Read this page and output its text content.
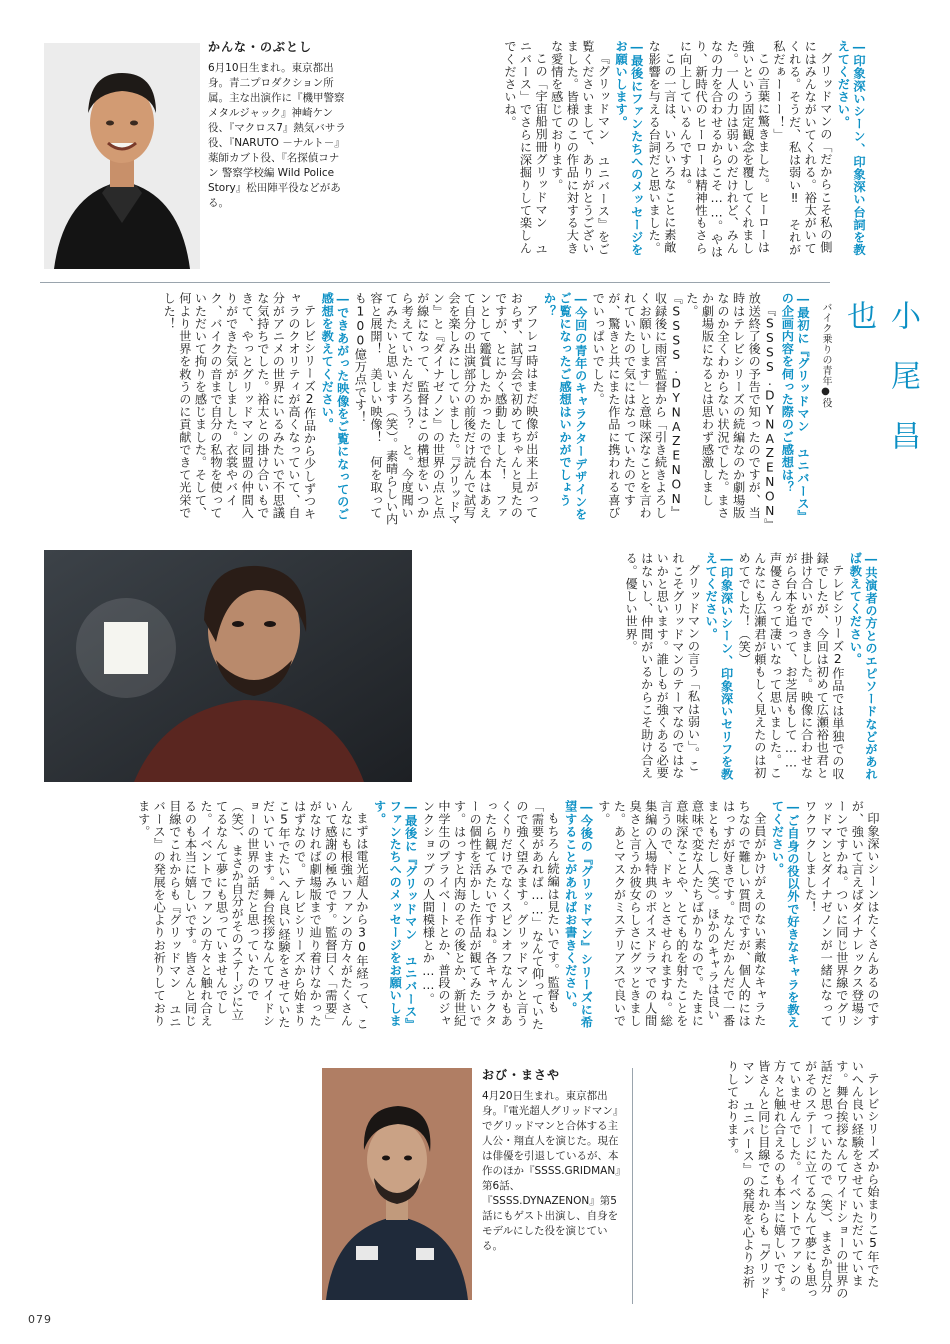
―印象深いシーン、印象深い台詞を教えてください。

グリッドマンの「だからこそ私の側にはみんながいてくれる。裕太がいてくれる。そうだ、私は弱い‼　それが私だぁーーー！」

この言葉に驚きました。ヒーローは強いという固定観念を覆してくれました。一人の力は弱いのだけれど、みんなの力を合わせるからこそ……。やはり、新時代のヒーローは精神性もさらに向上しているんですね。

この一言は、いろいろなことに素敵な影響を与える台詞だと思いました。

―最後にファンたちへのメッセージをお願いします。

『グリッドマン ユニバース』をご覧くださいまして、ありがとうございました。皆様のこの作品に対する大きな愛情を感じております。

この「宇宙船別冊グリッドマン ユニバース」でさらに深掘りして楽しんでくださいね。

かんな・のぶとし
6月10日生まれ。東京都出身。青二プロダクション所属。主な出演作に『機甲警察メタルジャック』神崎ケン役、『マクロス7』熱気バサラ役、『NARUTO －ナルト－』薬師カブト役、『名探偵コナン 警察学校編 Wild Police Story』松田陣平役などがある。
小尾昌也
バイク乗りの青年●役

―最初に『グリッドマン ユニバース』の企画内容を伺った際のご感想は？

『SSSS.DYNAZENON』放送終了後の予告で知ったのですが、当時はテレビシリーズの続編なのか劇場版なのか全くわからない状況でした。まさか劇場版になるとは思わず感激しました。『SSSS.DYNAZENON』収録後に雨宮監督から「引き続きよろしくお願いします」と意味深なことを言われていたので気にはなっていたのですが、驚きと共にまた作品に携われる喜びでいっぱいでした。

―今回の青年のキャラクターデザインをご覧になったご感想はいかがでしょうか？

アフレコ時はまだ映像が出来上がっておらず、試写会で初めてちゃんと見たのですが、とにかく感動しました！　ファンとして鑑賞したかったので台本はあえて自分の出演部分の前後だけ読んで試写会を楽しみにしていました。『グリッドマン』と『ダイナゼノン』の世界の点と点が線になって、監督はこの構想をいつから考えていたんだろう？　と。今度聞いてみたいと思います（笑）。素晴らしい内容と展開！　美しい映像！　何を取っても100億万点です！

―できあがった映像をご覧になってのご感想を教えてください。

テレビシリーズ2作品から少しずつキャラのクオリティが高くなっていて、自分がアニメの世界にいるみたいで不思議な気持ちでした。裕太との掛け合いもできて、やっとグリッドマン同盟の仲間入りができた気がしました。衣裳やバイク、バイクの音まで自分の私物を使っていただいて拘りを感じました。そして、何より世界を救うのに貢献できて光栄でした！

―共演者の方とのエピソードなどがあれば教えてください。

テレビシリーズ2作品では単独での収録でしたが、今回は初めて広瀬裕也君と掛け合いができました。映像に合わせながら台本を追って、お芝居もして……声優さんって凄いなって思いました。こんなにも広瀬君が頼もしく見えたのは初めてでした！（笑）

―印象深いシーン、印象深いセリフを教えてください。

グリッドマンの言う「私は弱い」。これこそグリッドマンのテーマなのではないかと思います。誰しもが強くある必要はないし、仲間がいるからこそ助け合える。優しい世界。

印象深いシーンはたくさんあるのですが、強いて言えばダイナレックス登場シーンですかね。ついに同じ世界線でグリッドマンとダイナゼノンが一緒になってワクワクしました！

―ご自身の役以外で好きなキャラを教えてください。

全員がかけがえのない素敵なキャラたちなので難しい質問ですが、個人的にははっすが好きです。なんだかんだで一番まともだし（笑）。ほかのキャラは良い意味で変な人たちばかりなので。たまに意味深なことや、とても的を射たことを言うので、ドキッとさせられますね。総集編の入場特典のボイスドラマでの人間臭さと言うか彼女らしさにグッときました。あとマスクがミステリアスで良いです。

―今後の『グリッドマン』シリーズに希望することがあればお書きください。

もちろん続編は見たいです。監督も「需要があれば……」なんて仰っていたので強く望みます。グリッドマンと言うくくりだけでなくスピンオフなんかもあったら観てみたいですね。各キャラクターの個性を活かした作品が観てみたいです。はっすと内海のその後とか、新世紀中学生のプライベートとか、普段のジャンクショップの人間模様とか……。

―最後に『グリッドマン ユニバース』ファンたちへのメッセージをお願いします。

まずは電光超人から30年経って、こんなにも根強いファンの方々がたくさんいて感謝の極みです。監督曰く「需要」がなければ劇場版まで辿り着けなかったはずなので。テレビシリーズから始まりこ5年でたいへん良い経験をさせていただいています。舞台挨拶なんてワイドショーの世界の話だと思っていたので（笑）、まさか自分がそのステージに立てるなんて夢にも思っていませんでした。イベントでファンの方々と触れ合えるのも本当に嬉しいです。皆さんと同じ目線でこれからも『グリッドマン ユニバース』の発展を心よりお祈りしております。

おび・まさや
4月20日生まれ。東京都出身。『電光超人グリッドマン』でグリッドマンと合体する主人公・翔直人を演じた。現在は俳優を引退しているが、本作のほか『SSSS.GRIDMAN』第6話、『SSSS.DYNAZENON』第5話にもゲスト出演し、自身をモデルにした役を演じている。	テレビシリーズから始まりこ5年でたいへん良い経験をさせていただいています。舞台挨拶なんてワイドショーの世界の話だと思っていたので（笑）、まさか自分がそのステージに立てるなんて夢にも思っていませんでした。イベントでファンの方々と触れ合えるのも本当に嬉しいです。皆さんと同じ目線でこれからも『グリッドマン ユニバース』の発展を心よりお祈りしております。

079
